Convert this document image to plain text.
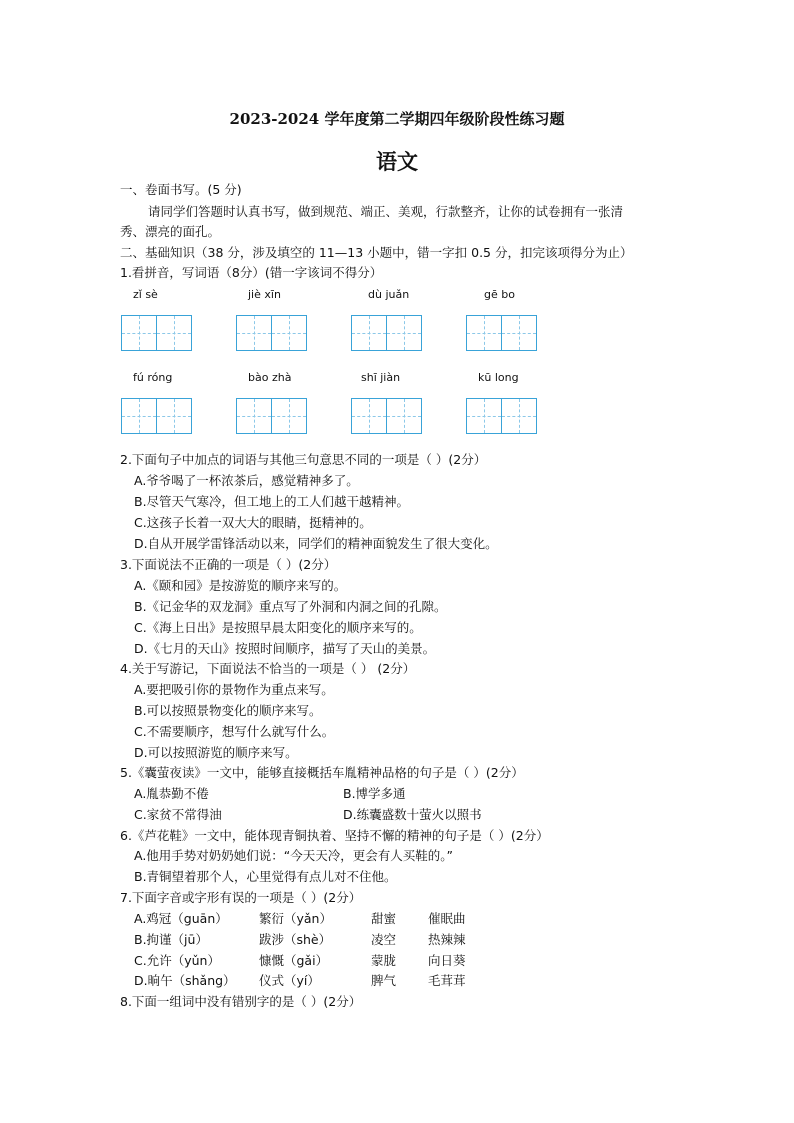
2023-2024 学年度第二学期四年级阶段性练习题
语文
一、卷面书写。(5 分)
请同学们答题时认真书写，做到规范、端正、美观，行款整齐，让你的试卷拥有一张清
秀、漂亮的面孔。
二、基础知识（38 分，涉及填空的 11—13 小题中，错一字扣 0.5 分，扣完该项得分为止）
1.看拼音，写词语（8分）(错一字该词不得分）
zǐ sè	jiè xīn	dù juǎn	gē bo
fú róng	bào zhà	shī jiàn	kū long
2.下面句子中加点的词语与其他三句意思不同的一项是（ ）(2分）
A.爷爷喝了一杯浓茶后，感觉精神多了。
B.尽管天气寒冷，但工地上的工人们越干越精神。
C.这孩子长着一双大大的眼睛，挺精神的。
D.自从开展学雷锋活动以来，同学们的精神面貌发生了很大变化。
3.下面说法不正确的一项是（ ）(2分）
A.《颐和园》是按游览的顺序来写的。
B.《记金华的双龙洞》重点写了外洞和内洞之间的孔隙。
C.《海上日出》是按照早晨太阳变化的顺序来写的。
D.《七月的天山》按照时间顺序，描写了天山的美景。
4.关于写游记，下面说法不恰当的一项是（ ） (2分）
A.要把吸引你的景物作为重点来写。
B.可以按照景物变化的顺序来写。
C.不需要顺序，想写什么就写什么。
D.可以按照游览的顺序来写。
5.《囊萤夜读》一文中，能够直接概括车胤精神品格的句子是（ ）(2分）
A.胤恭勤不倦	B.博学多通
C.家贫不常得油	D.练囊盛数十萤火以照书
6.《芦花鞋》一文中，能体现青铜执着、坚持不懈的精神的句子是（ ）(2分）
A.他用手势对奶奶她们说：“今天天冷，更会有人买鞋的。”
B.青铜望着那个人，心里觉得有点儿对不住他。
7.下面字音或字形有误的一项是（ ）(2分）
A.鸡冠（guān）	繁衍（yǎn）	甜蜜	催眠曲
B.拘谨（jū）	跋涉（shè）	凌空	热辣辣
C.允许（yǔn）	慷慨（gǎi）	蒙胧	向日葵
D.晌午（shǎng） 仪式（yí）	脾气	毛茸茸
8.下面一组词中没有错别字的是（ ）(2分）
